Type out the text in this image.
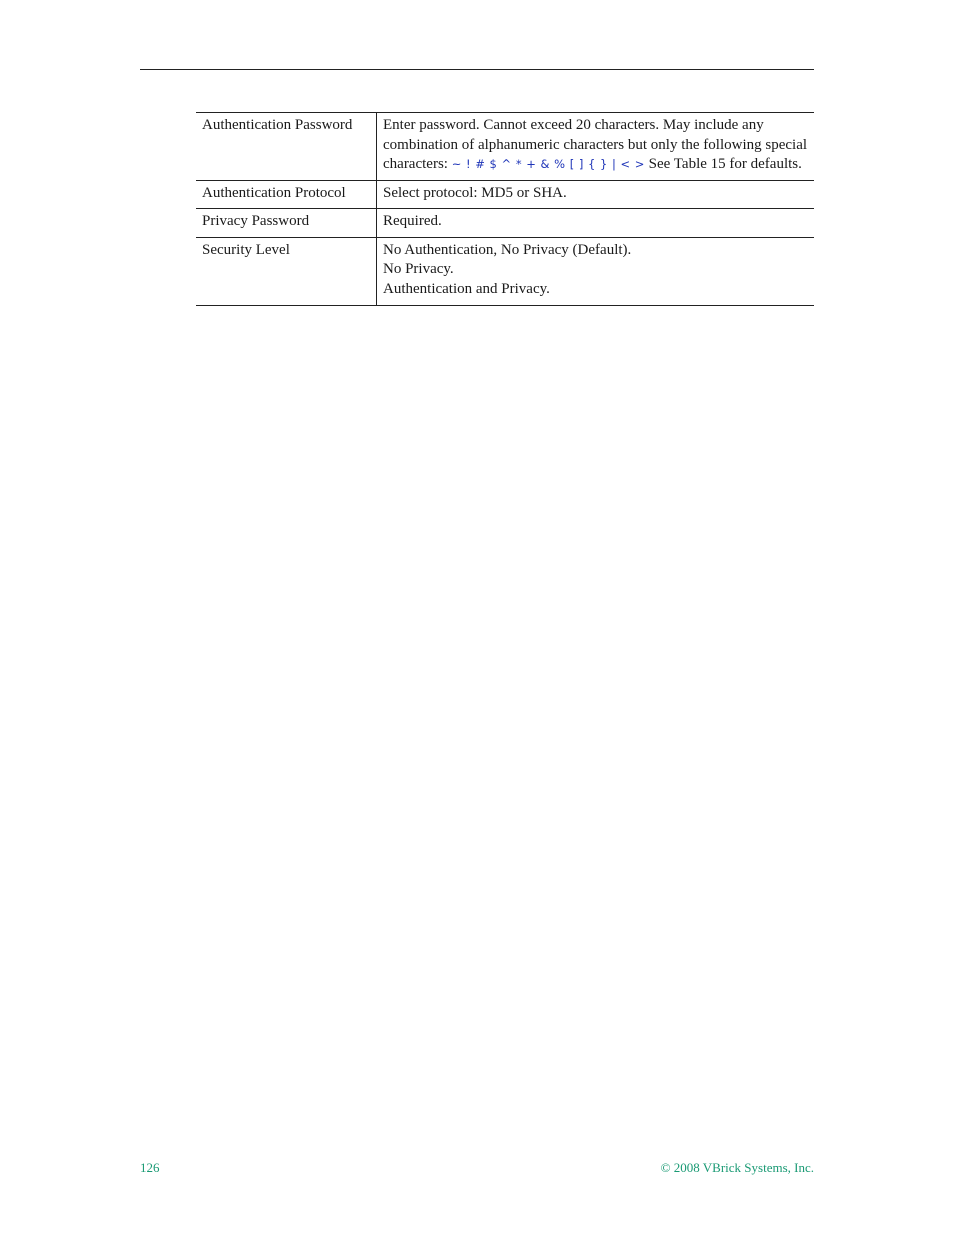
Authentication Password	Enter password. Cannot exceed 20 characters. May include any combination of alphanumeric characters but only the following special characters: ~ ! # $ ^ * + & % [ ] { } | < > See Table 15 for defaults.
Authentication Protocol	Select protocol: MD5 or SHA.
Privacy Password	Required.
Security Level	No Authentication, No Privacy (Default).
No Privacy.
Authentication and Privacy.
126	© 2008 VBrick Systems, Inc.
